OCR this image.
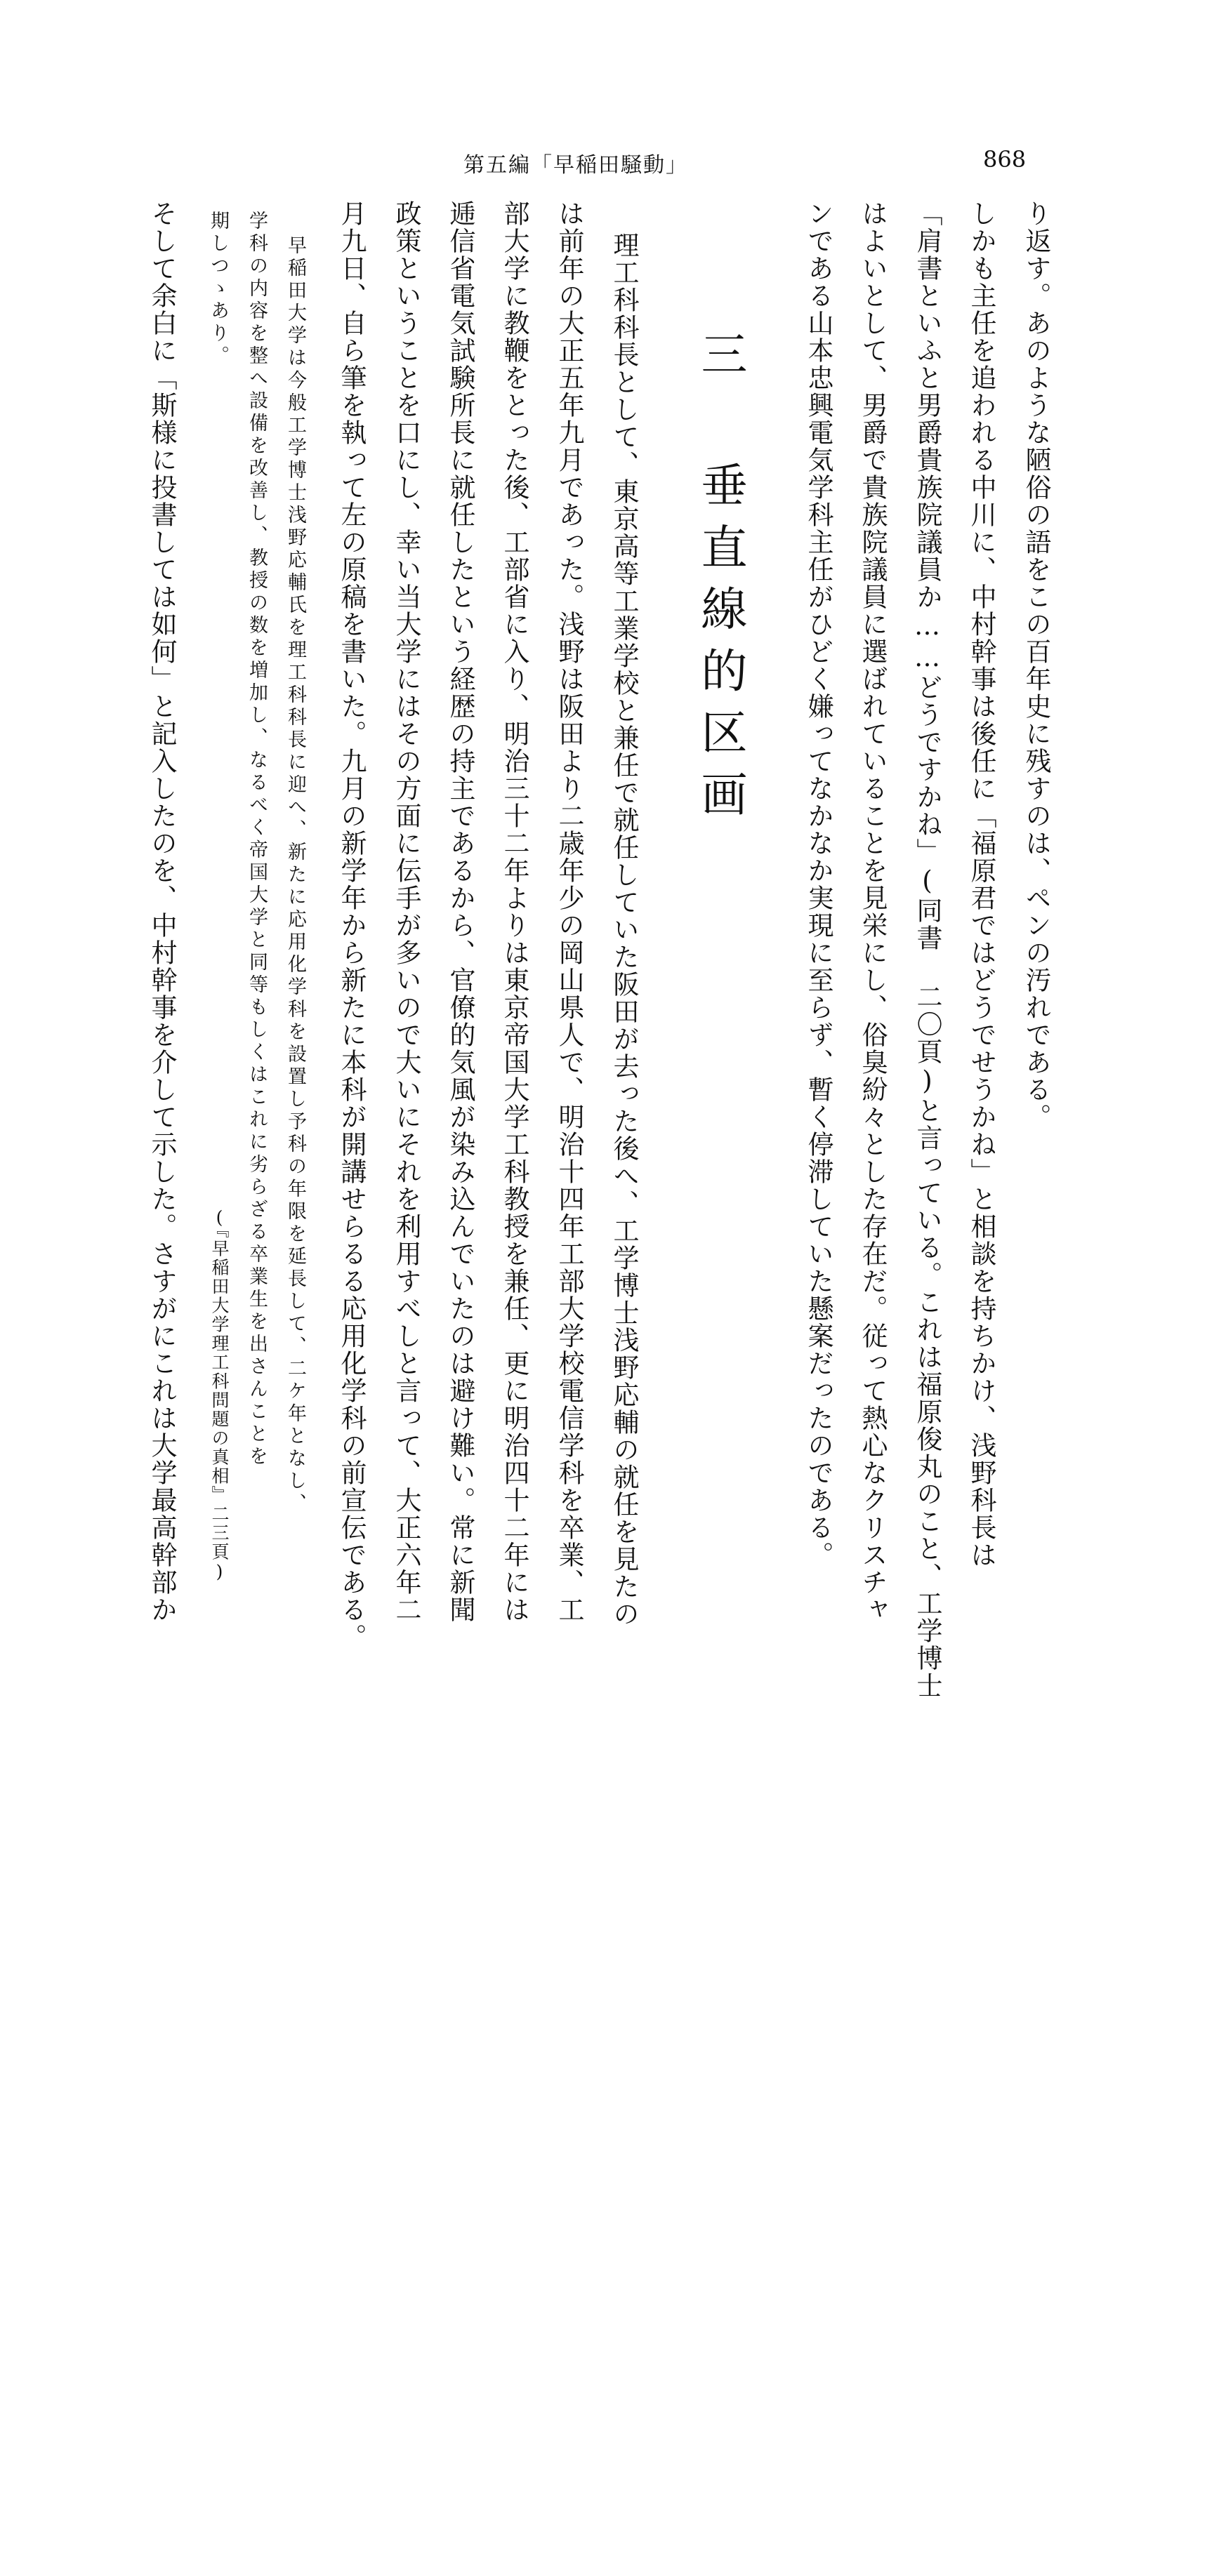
第五編「早稲田騒動」	868
り返す。あのような陋俗の語をこの百年史に残すのは、ペンの汚れである。
しかも主任を追われる中川に、中村幹事は後任に「福原君ではどうでせうかね」と相談を持ちかけ、浅野科長は
「肩書といふと男爵貴族院議員か……どうですかね」(同書 二〇頁)と言っている。これは福原俊丸のこと、工学博士
はよいとして、男爵で貴族院議員に選ばれていることを見栄にし、俗臭紛々とした存在だ。従って熱心なクリスチャ
ンである山本忠興電気学科主任がひどく嫌ってなかなか実現に至らず、暫く停滞していた懸案だったのである。
三 垂直線的区画
理工科科長として、東京高等工業学校と兼任で就任していた阪田が去った後へ、工学博士浅野応輔の就任を見たの
は前年の大正五年九月であった。浅野は阪田より二歳年少の岡山県人で、明治十四年工部大学校電信学科を卒業、工
部大学に教鞭をとった後、工部省に入り、明治三十二年よりは東京帝国大学工科教授を兼任、更に明治四十二年には
逓信省電気試験所長に就任したという経歴の持主であるから、官僚的気風が染み込んでいたのは避け難い。常に新聞
政策ということを口にし、幸い当大学にはその方面に伝手が多いので大いにそれを利用すべしと言って、大正六年二
月九日、自ら筆を執って左の原稿を書いた。九月の新学年から新たに本科が開講せらるる応用化学科の前宣伝である。
早稲田大学は今般工学博士浅野応輔氏を理工科科長に迎へ、新たに応用化学科を設置し予科の年限を延長して、二ケ年となし、
学科の内容を整へ設備を改善し、教授の数を増加し、なるべく帝国大学と同等もしくはこれに劣らざる卒業生を出さんことを
期しつゝあり。
(『早稲田大学理工科問題の真相』二三頁)
そして余白に「斯様に投書しては如何」と記入したのを、中村幹事を介して示した。さすがにこれは大学最高幹部か
